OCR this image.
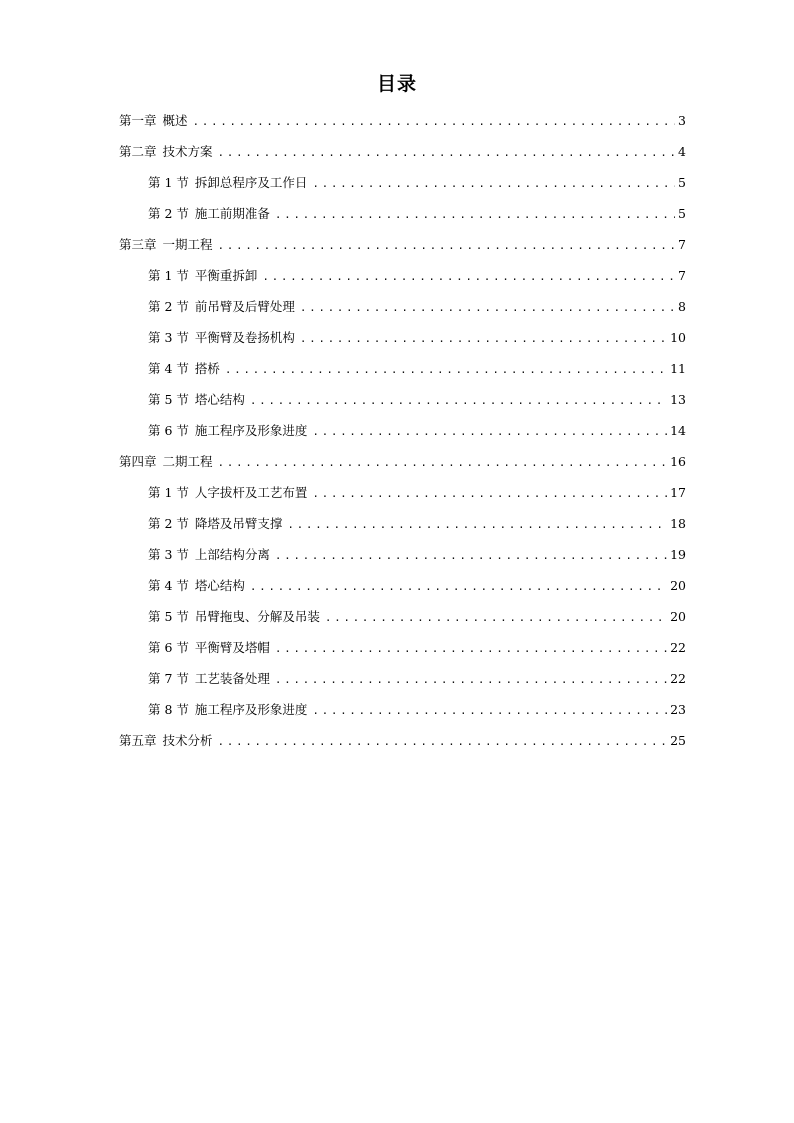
目录
第一章 概述 .....	3
第二章 技术方案 .....	4
第 1 节 拆卸总程序及工作日 .....	5
第 2 节 施工前期准备 .....	5
第三章 一期工程 .....	7
第 1 节 平衡重拆卸 .....	7
第 2 节 前吊臂及后臂处理 .....	8
第 3 节 平衡臂及卷扬机构 .....	10
第 4 节 搭桥 .....	11
第 5 节 塔心结构 .....	13
第 6 节 施工程序及形象进度 .....	14
第四章 二期工程 .....	16
第 1 节 人字拔杆及工艺布置 .....	17
第 2 节 降塔及吊臂支撑 .....	18
第 3 节 上部结构分离 .....	19
第 4 节 塔心结构 .....	20
第 5 节 吊臂拖曳、分解及吊装 .....	20
第 6 节 平衡臂及塔帽 .....	22
第 7 节 工艺装备处理 .....	22
第 8 节 施工程序及形象进度 .....	23
第五章 技术分析 .....	25
